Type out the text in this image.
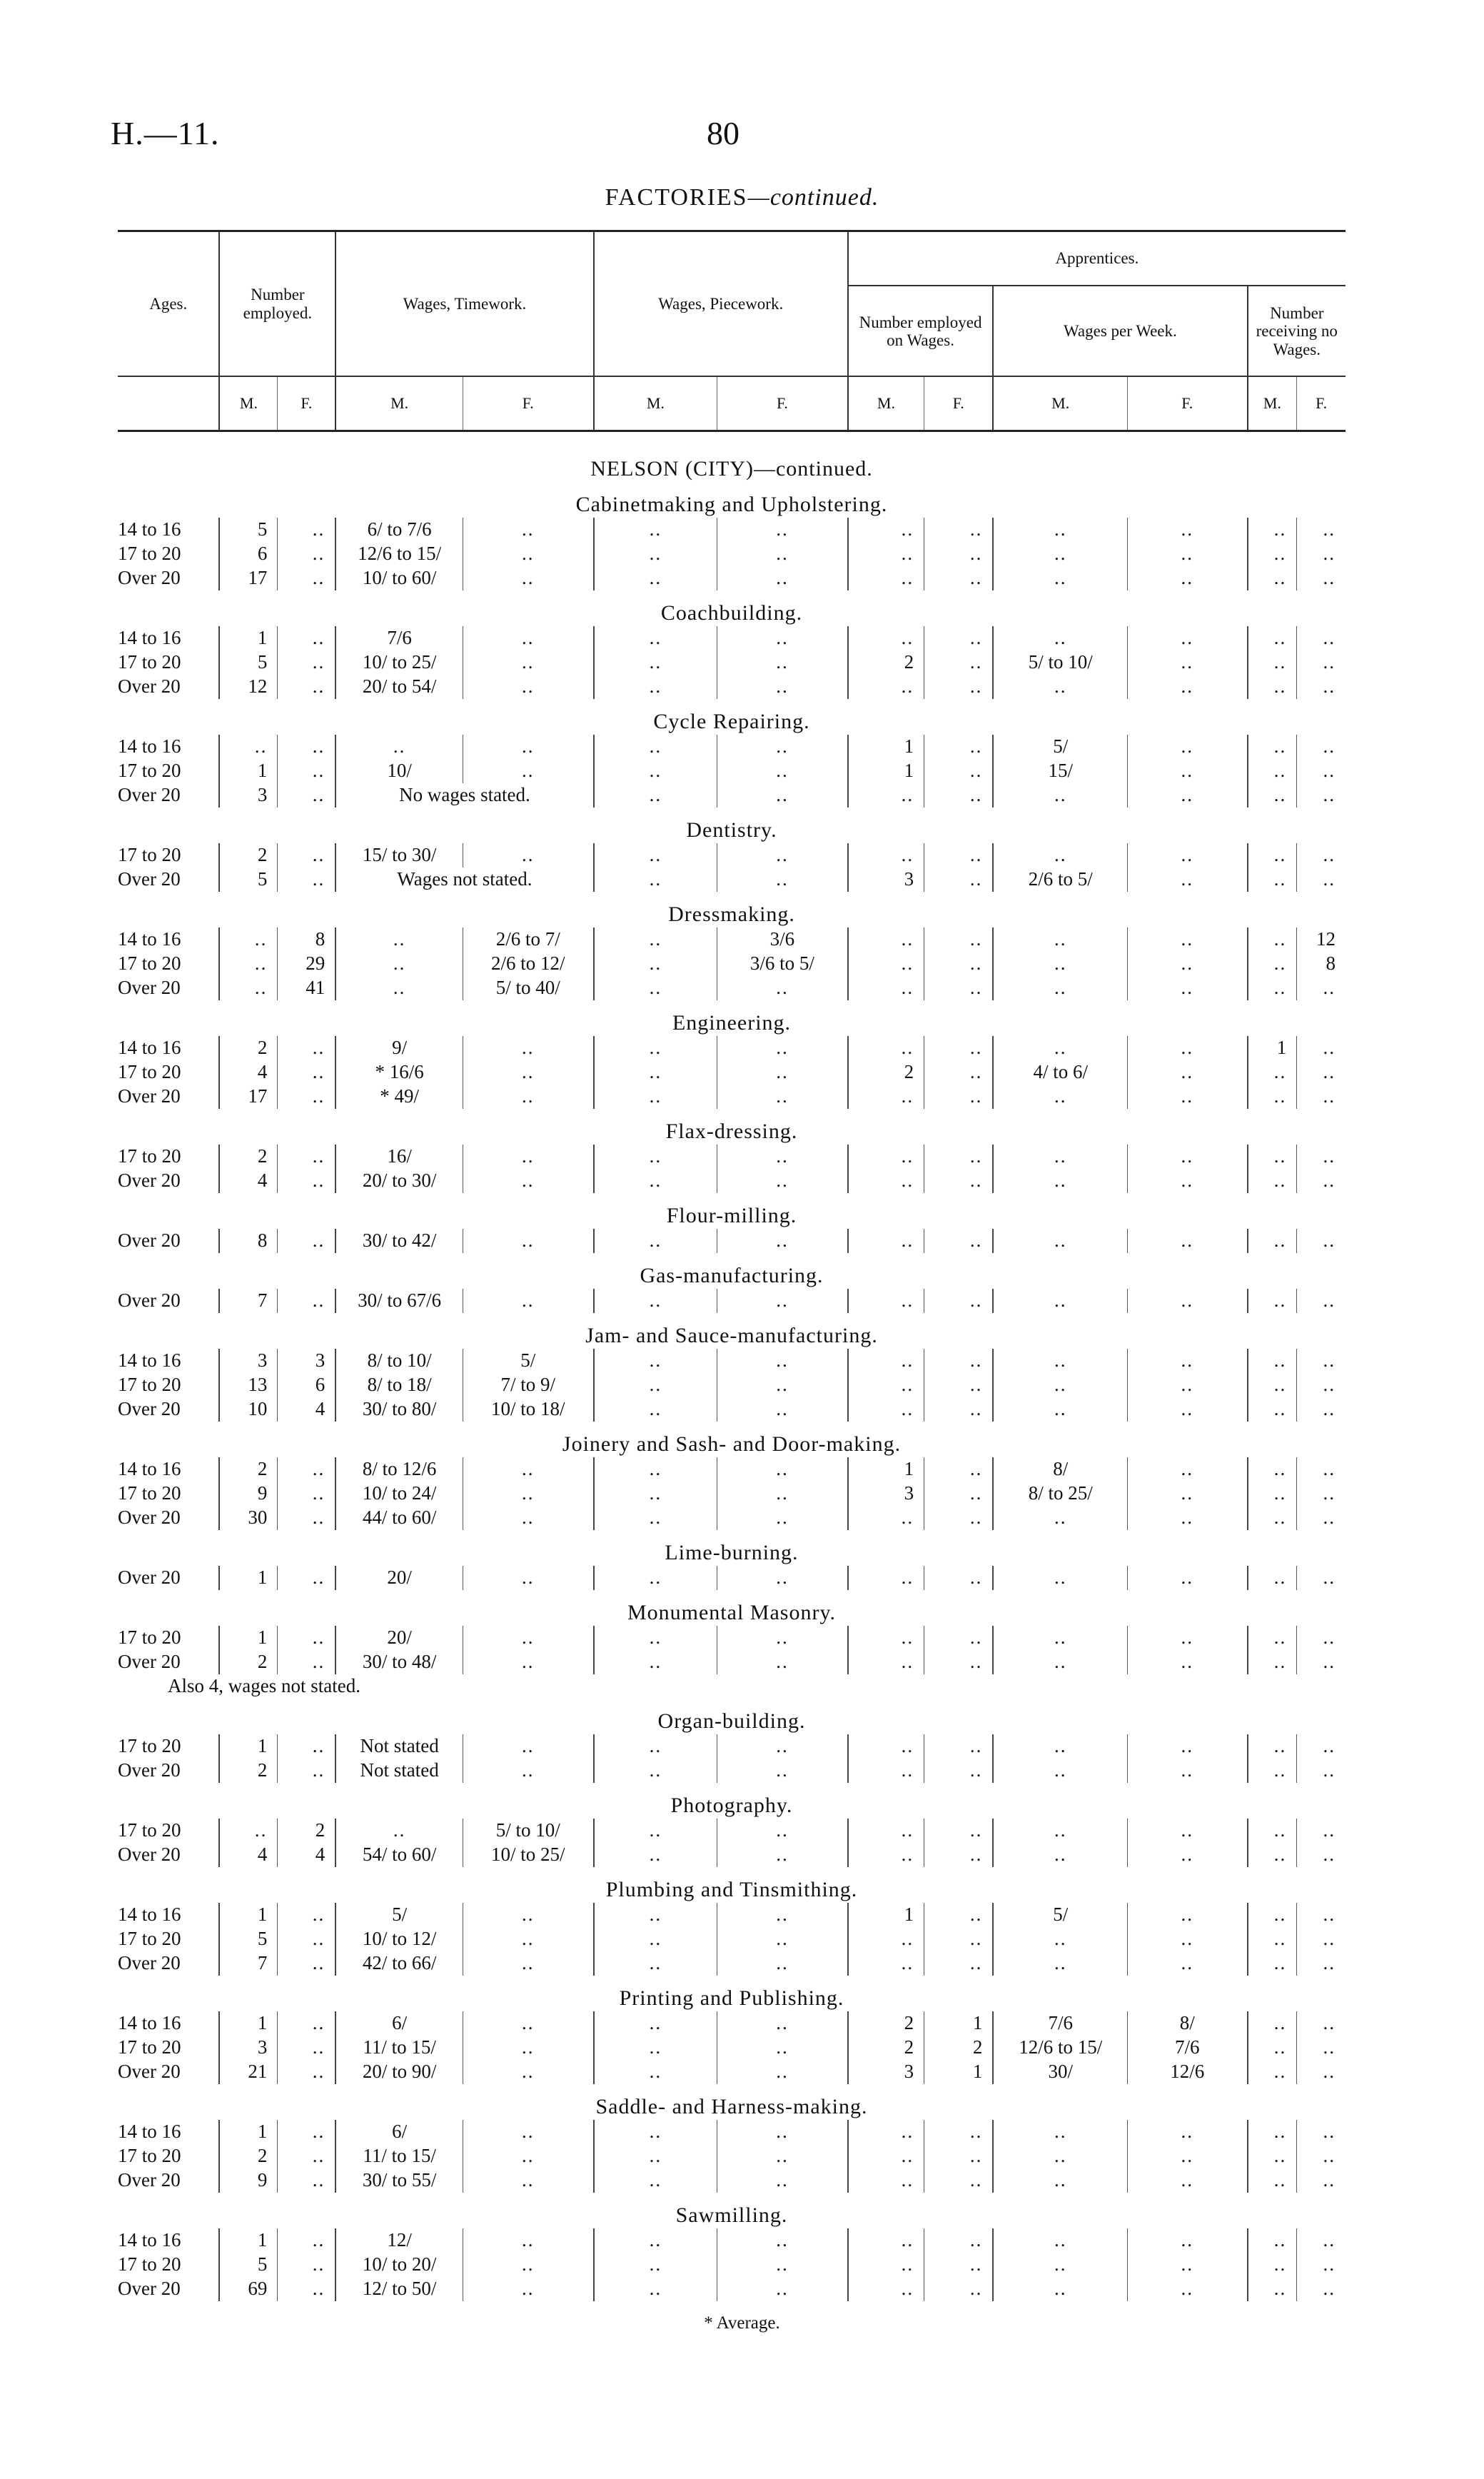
H.—11.	80
FACTORIES—continued.
Ages.	Number employed.		Wages, Timework.		Wages, Piecework.		Apprentices.					
							Number employed on Wages.		Wages per Week.		Number receiving no Wages.	

	M.	F.	M.	F.	M.	F.	M.	F.	M.	F.	M.	F.
NELSON (CITY)—continued.												
Cabinetmaking and Upholstering.												
14 to 16	5	..	6/ to 7/6	..	..	..	..	..	..	..	..	..
17 to 20	6	..	12/6 to 15/	..	..	..	..	..	..	..	..	..
Over 20	17	..	10/ to 60/	..	..	..	..	..	..	..	..	..
Coachbuilding.												
14 to 16	1	..	7/6	..	..	..	..	..	..	..	..	..
17 to 20	5	..	10/ to 25/	..	..	..	2	..	5/ to 10/	..	..	..
Over 20	12	..	20/ to 54/	..	..	..	..	..	..	..	..	..
Cycle Repairing.												
14 to 16	..	..	..	..	..	..	1	..	5/	..	..	..
17 to 20	1	..	10/	..	..	..	1	..	15/	..	..	..
Over 20	3	..	No wages stated.		..	..	..	..	..	..	..	..
Dentistry.												
17 to 20	2	..	15/ to 30/	..	..	..	..	..	..	..	..	..
Over 20	5	..	Wages not stated.		..	..	3	..	2/6 to 5/	..	..	..
Dressmaking.												
14 to 16	..	8	..	2/6 to 7/	..	3/6	..	..	..	..	..	12
17 to 20	..	29	..	2/6 to 12/	..	3/6 to 5/	..	..	..	..	..	8
Over 20	..	41	..	5/ to 40/	..	..	..	..	..	..	..	..
Engineering.												
14 to 16	2	..	9/	..	..	..	..	..	..	..	1	..
17 to 20	4	..	* 16/6	..	..	..	2	..	4/ to 6/	..	..	..
Over 20	17	..	* 49/	..	..	..	..	..	..	..	..	..
Flax-dressing.												
17 to 20	2	..	16/	..	..	..	..	..	..	..	..	..
Over 20	4	..	20/ to 30/	..	..	..	..	..	..	..	..	..
Flour-milling.												
Over 20	8	..	30/ to 42/	..	..	..	..	..	..	..	..	..
Gas-manufacturing.												
Over 20	7	..	30/ to 67/6	..	..	..	..	..	..	..	..	..
Jam- and Sauce-manufacturing.												
14 to 16	3	3	8/ to 10/	5/	..	..	..	..	..	..	..	..
17 to 20	13	6	8/ to 18/	7/ to 9/	..	..	..	..	..	..	..	..
Over 20	10	4	30/ to 80/	10/ to 18/	..	..	..	..	..	..	..	..
Joinery and Sash- and Door-making.												
14 to 16	2	..	8/ to 12/6	..	..	..	1	..	8/	..	..	..
17 to 20	9	..	10/ to 24/	..	..	..	3	..	8/ to 25/	..	..	..
Over 20	30	..	44/ to 60/	..	..	..	..	..	..	..	..	..
Lime-burning.												
Over 20	1	..	20/	..	..	..	..	..	..	..	..	..
Monumental Masonry.												
17 to 20	1	..	20/	..	..	..	..	..	..	..	..	..
Over 20	2	..	30/ to 48/	..	..	..	..	..	..	..	..	..
Also 4, wages not stated.												
Organ-building.												
17 to 20	1	..	Not stated	..	..	..	..	..	..	..	..	..
Over 20	2	..	Not stated	..	..	..	..	..	..	..	..	..
Photography.												
17 to 20	..	2	..	5/ to 10/	..	..	..	..	..	..	..	..
Over 20	4	4	54/ to 60/	10/ to 25/	..	..	..	..	..	..	..	..
Plumbing and Tinsmithing.												
14 to 16	1	..	5/	..	..	..	1	..	5/	..	..	..
17 to 20	5	..	10/ to 12/	..	..	..	..	..	..	..	..	..
Over 20	7	..	42/ to 66/	..	..	..	..	..	..	..	..	..
Printing and Publishing.												
14 to 16	1	..	6/	..	..	..	2	1	7/6	8/	..	..
17 to 20	3	..	11/ to 15/	..	..	..	2	2	12/6 to 15/	7/6	..	..
Over 20	21	..	20/ to 90/	..	..	..	3	1	30/	12/6	..	..
Saddle- and Harness-making.												
14 to 16	1	..	6/	..	..	..	..	..	..	..	..	..
17 to 20	2	..	11/ to 15/	..	..	..	..	..	..	..	..	..
Over 20	9	..	30/ to 55/	..	..	..	..	..	..	..	..	..
Sawmilling.												
14 to 16	1	..	12/	..	..	..	..	..	..	..	..	..
17 to 20	5	..	10/ to 20/	..	..	..	..	..	..	..	..	..
Over 20	69	..	12/ to 50/	..	..	..	..	..	..	..	..	..
* Average.
